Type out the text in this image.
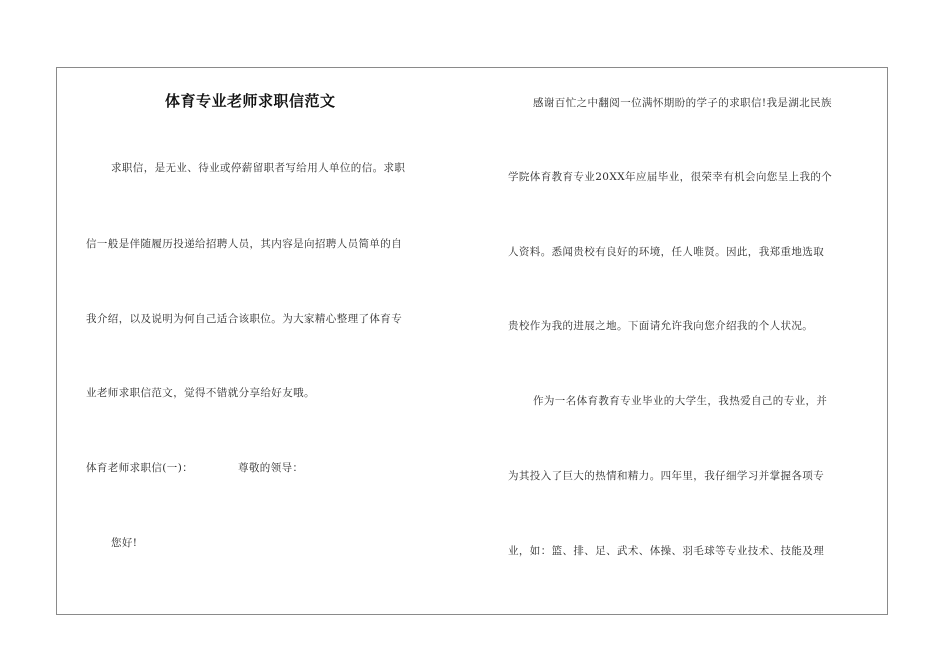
体育专业老师求职信范文
求职信，是无业、待业或停薪留职者写给用人单位的信。求职
信一般是伴随履历投递给招聘人员，其内容是向招聘人员简单的自
我介绍，以及说明为何自己适合该职位。为大家精心整理了体育专
业老师求职信范文，觉得不错就分享给好友哦。
体育老师求职信(一)：	尊敬的领导：
您好!
感谢百忙之中翻阅一位满怀期盼的学子的求职信!我是湖北民族
学院体育教育专业20XX年应届毕业，很荣幸有机会向您呈上我的个
人资料。悉闻贵校有良好的环境，任人唯贤。因此，我郑重地选取
贵校作为我的进展之地。下面请允许我向您介绍我的个人状况。
作为一名体育教育专业毕业的大学生，我热爱自己的专业，并
为其投入了巨大的热情和精力。四年里，我仔细学习并掌握各项专
业，如：篮、排、足、武术、体操、羽毛球等专业技术、技能及理
